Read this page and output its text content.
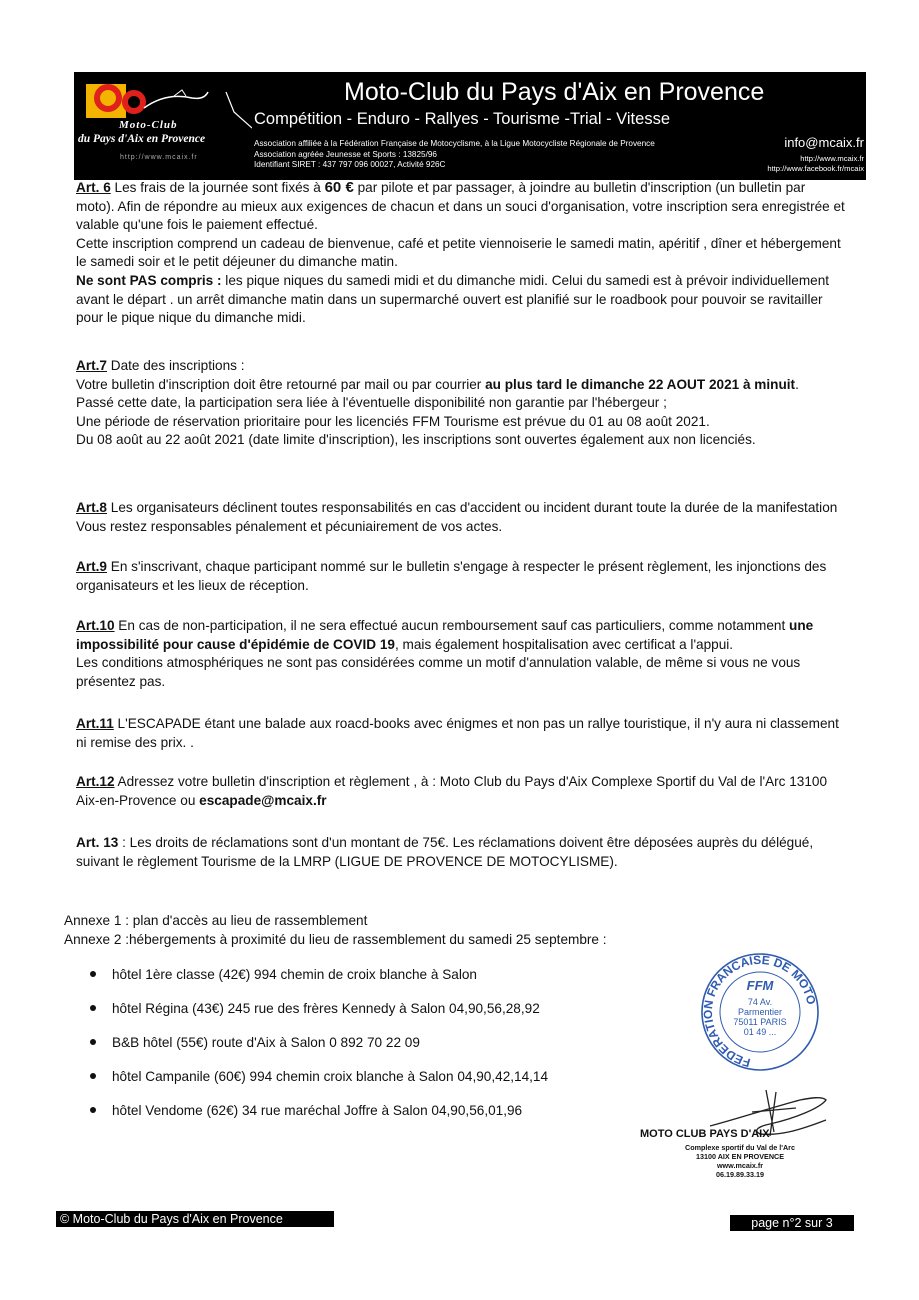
Moto-Club
du Pays d'Aix en Provence
http://www.mcaix.fr
Moto-Club du Pays d'Aix en Provence
Compétition - Enduro - Rallyes - Tourisme -Trial - Vitesse
Association affiliée à la Fédération Française de Motocyclisme, à la Ligue Motocycliste Régionale de Provence
Association agréée Jeunesse et Sports : 13825/96
Identifiant SIRET : 437 797 096 00027, Activité 926C
info@mcaix.fr
http://www.mcaix.fr
http://www.facebook.fr/mcaix
Art. 6 Les frais de la journée sont fixés à 60 € par pilote et par passager, à joindre au bulletin d'inscription (un bulletin par moto). Afin de répondre au mieux aux exigences de chacun et dans un souci d'organisation, votre inscription sera enregistrée et valable qu'une fois le paiement effectué.
Cette inscription comprend un cadeau de bienvenue, café et petite viennoiserie le samedi matin, apéritif , dîner et hébergement le samedi soir et le petit déjeuner du dimanche matin.
Ne sont PAS compris : les pique niques du samedi midi et du dimanche midi. Celui du samedi est à prévoir individuellement avant le départ . un arrêt dimanche matin dans un supermarché ouvert est planifié sur le roadbook pour pouvoir se ravitailler pour le pique nique du dimanche midi.
Art.7 Date des inscriptions :
Votre bulletin d'inscription doit être retourné par mail ou par courrier au plus tard le dimanche 22 AOUT 2021 à minuit.
Passé cette date, la participation sera liée à l'éventuelle disponibilité non garantie par l'hébergeur ;
Une période de réservation prioritaire pour les licenciés FFM Tourisme est prévue du 01 au 08 août 2021.
Du 08 août au 22 août 2021 (date limite d'inscription), les inscriptions sont ouvertes également aux non licenciés.
Art.8 Les organisateurs déclinent toutes responsabilités en cas d'accident ou incident durant toute la durée de la manifestation Vous restez responsables pénalement et pécuniairement de vos actes.
Art.9 En s'inscrivant, chaque participant nommé sur le bulletin s'engage à respecter le présent règlement, les injonctions des organisateurs et les lieux de réception.
Art.10 En cas de non-participation, il ne sera effectué aucun remboursement sauf cas particuliers, comme notamment une impossibilité pour cause d'épidémie de COVID 19, mais également hospitalisation avec certificat a l'appui.
Les conditions atmosphériques ne sont pas considérées comme un motif d'annulation valable, de même si vous ne vous présentez pas.
Art.11 L'ESCAPADE étant une balade aux roacd-books avec énigmes et non pas un rallye touristique, il n'y aura ni classement ni remise des prix. .
Art.12 Adressez votre bulletin d'inscription et règlement , à : Moto Club du Pays d'Aix Complexe Sportif du Val de l'Arc 13100 Aix-en-Provence ou escapade@mcaix.fr
Art. 13 : Les droits de réclamations sont d'un montant de 75€. Les réclamations doivent être déposées auprès du délégué, suivant le règlement Tourisme de la LMRP (LIGUE DE PROVENCE DE MOTOCYLISME).
Annexe 1 : plan d'accès au lieu de rassemblement
Annexe 2 :hébergements à proximité du lieu de rassemblement du samedi 25 septembre :
hôtel 1ère classe (42€) 994 chemin de croix blanche à Salon
hôtel Régina (43€) 245 rue des frères Kennedy à Salon 04,90,56,28,92
B&B hôtel (55€) route d'Aix à Salon 0 892 70 22 09
hôtel Campanile (60€) 994 chemin croix blanche à Salon 04,90,42,14,14
hôtel Vendome (62€) 34 rue maréchal Joffre à Salon 04,90,56,01,96
FEDERATION FRANCAISE DE MOTO
FFM
74 Av.
Parmentier
75011 PARIS
01 49 ...
MOTO CLUB PAYS D'AIX
Complexe sportif du Val de l'Arc
13100 AIX EN PROVENCE
www.mcaix.fr
06.19.89.33.19
© Moto-Club du Pays d'Aix en Provence	page n°2 sur 3
